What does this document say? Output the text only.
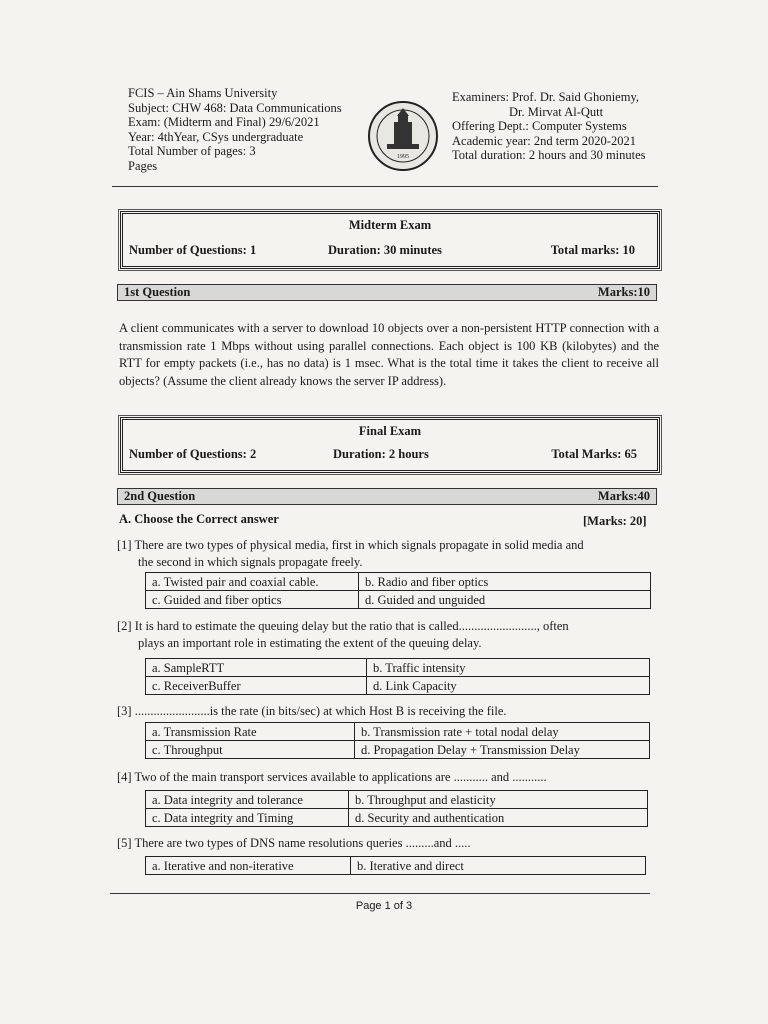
FCIS – Ain Shams University
Subject: CHW 468: Data Communications
Exam: (Midterm and Final) 29/6/2021
Year: 4thYear, CSys undergraduate
Total Number of pages: 3
Pages
1995
Examiners: Prof. Dr. Said Ghoniemy,
Dr. Mirvat Al-Qutt
Offering Dept.: Computer Systems
Academic year: 2nd term 2020-2021
Total duration: 2 hours and 30 minutes
Midterm Exam
Number of Questions: 1	Duration: 30 minutes	Total marks: 10
1st Question	Marks:10
A client communicates with a server to download 10 objects over a non-persistent HTTP connection with a transmission rate 1 Mbps without using parallel connections. Each object is 100 KB (kilobytes) and the RTT for empty packets (i.e., has no data) is 1 msec. What is the total time it takes the client to receive all objects? (Assume the client already knows the server IP address).
Final Exam
Number of Questions: 2	Duration: 2 hours	Total Marks: 65
2nd Question	Marks:40
A. Choose the Correct answer	[Marks: 20]
[1] There are two types of physical media, first in which signals propagate in solid media and
the second in which signals propagate freely.
a. Twisted pair and coaxial cable.	b. Radio and fiber optics
c. Guided and fiber optics	d. Guided and unguided
[2] It is hard to estimate the queuing delay but the ratio that is called........................., often
plays an important role in estimating the extent of the queuing delay.
a. SampleRTT	b. Traffic intensity
c. ReceiverBuffer	d. Link Capacity
[3] ........................is the rate (in bits/sec) at which Host B is receiving the file.
a. Transmission Rate	b. Transmission rate + total nodal delay
c. Throughput	d. Propagation Delay + Transmission Delay
[4] Two of the main transport services available to applications are ........... and ...........
a. Data integrity and tolerance	b. Throughput and elasticity
c. Data integrity and Timing	d. Security and authentication
[5] There are two types of DNS name resolutions queries .........and .....
a. Iterative and non-iterative	b. Iterative and direct
Page 1 of 3
